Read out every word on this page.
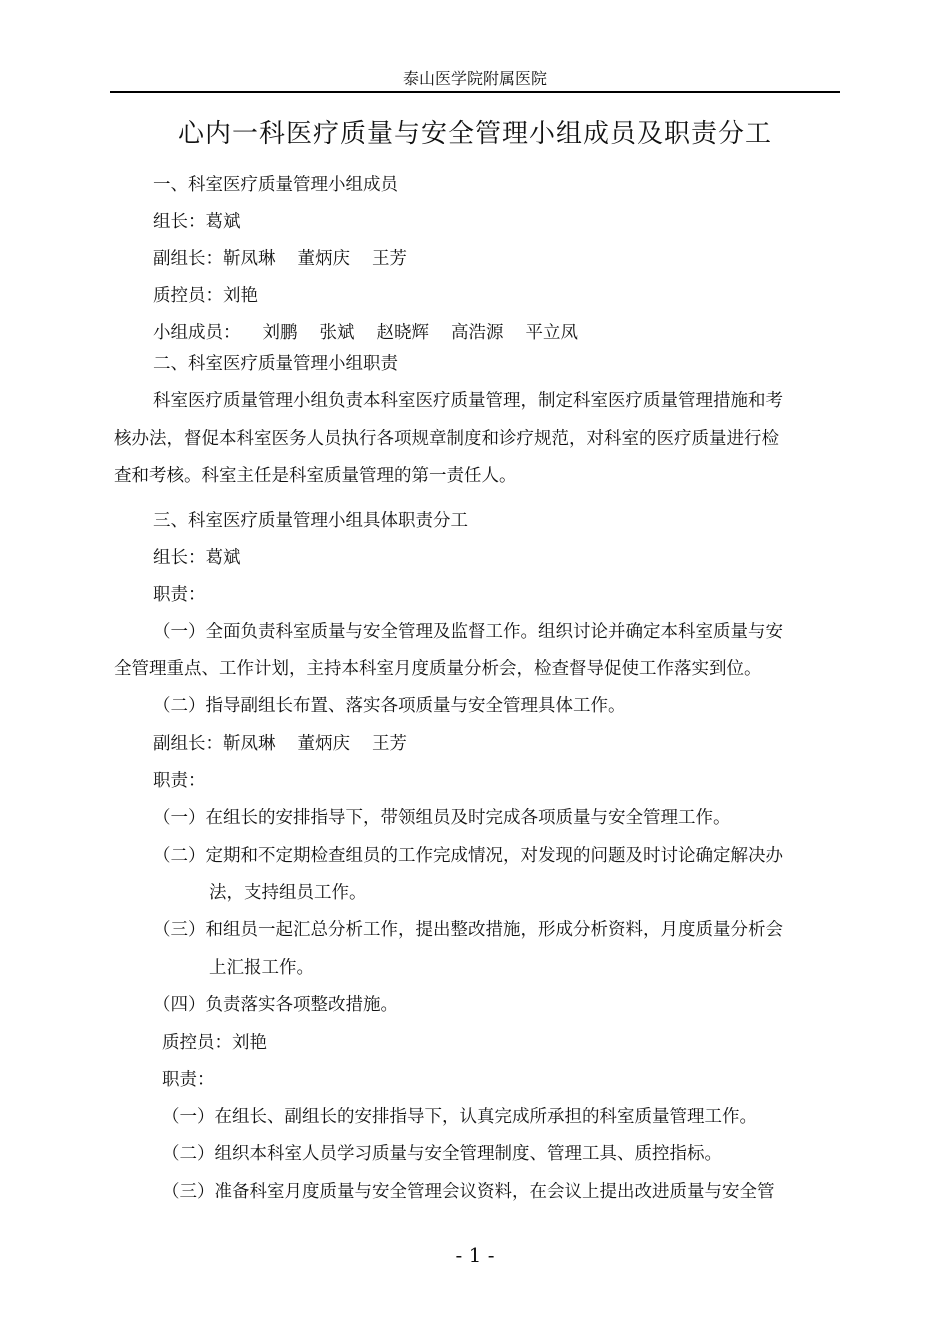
泰山医学院附属医院
心内一科医疗质量与安全管理小组成员及职责分工
一、科室医疗质量管理小组成员
组长：葛斌
副组长：靳凤琳 董炳庆 王芳
质控员：刘艳
小组成员： 刘鹏 张斌 赵晓辉 高浩源 平立凤
二、科室医疗质量管理小组职责
科室医疗质量管理小组负责本科室医疗质量管理，制定科室医疗质量管理措施和考
核办法，督促本科室医务人员执行各项规章制度和诊疗规范，对科室的医疗质量进行检
查和考核。科室主任是科室质量管理的第一责任人。
三、科室医疗质量管理小组具体职责分工
组长：葛斌
职责：
（一）全面负责科室质量与安全管理及监督工作。组织讨论并确定本科室质量与安
全管理重点、工作计划，主持本科室月度质量分析会，检查督导促使工作落实到位。
（二）指导副组长布置、落实各项质量与安全管理具体工作。
副组长：靳凤琳 董炳庆 王芳
职责：
（一）在组长的安排指导下，带领组员及时完成各项质量与安全管理工作。
（二）定期和不定期检查组员的工作完成情况，对发现的问题及时讨论确定解决办
法，支持组员工作。
（三）和组员一起汇总分析工作，提出整改措施，形成分析资料，月度质量分析会
上汇报工作。
（四）负责落实各项整改措施。
质控员：刘艳
职责：
（一）在组长、副组长的安排指导下，认真完成所承担的科室质量管理工作。
（二）组织本科室人员学习质量与安全管理制度、管理工具、质控指标。
（三）准备科室月度质量与安全管理会议资料，在会议上提出改进质量与安全管
- 1 -
